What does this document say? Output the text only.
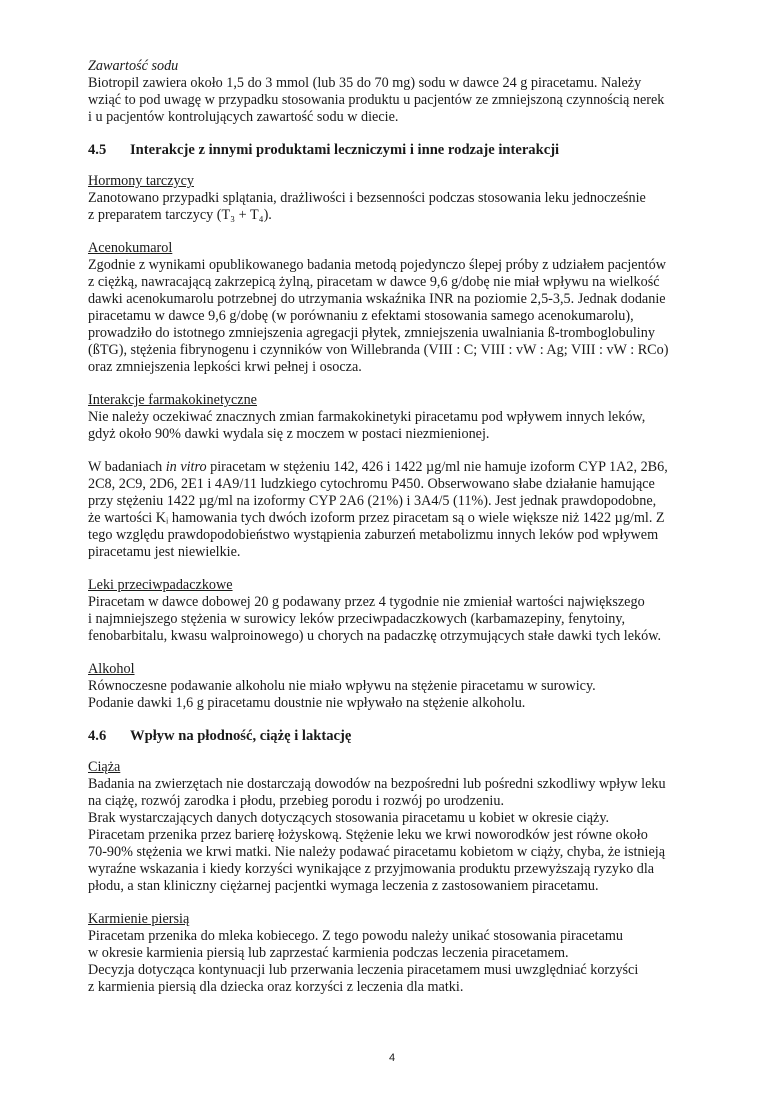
Zawartość sodu

Biotropil zawiera około 1,5 do 3 mmol (lub 35 do 70 mg) sodu w dawce 24 g piracetamu. Należy
wziąć to pod uwagę w przypadku stosowania produktu u pacjentów ze zmniejszoną czynnością nerek
i u pacjentów kontrolujących zawartość sodu w diecie.

4.5	Interakcje z innymi produktami leczniczymi i inne rodzaje interakcji

Hormony tarczycy

Zanotowano przypadki splątania, drażliwości i bezsenności podczas stosowania leku jednocześnie
z preparatem tarczycy (T₃ + T₄).

Acenokumarol

Zgodnie z wynikami opublikowanego badania metodą pojedynczo ślepej próby z udziałem pacjentów
z ciężką, nawracającą zakrzepicą żylną, piracetam w dawce 9,6 g/dobę nie miał wpływu na wielkość
dawki acenokumarolu potrzebnej do utrzymania wskaźnika INR na poziomie 2,5-3,5. Jednak dodanie
piracetamu w dawce 9,6 g/dobę (w porównaniu z efektami stosowania samego acenokumarolu),
prowadziło do istotnego zmniejszenia agregacji płytek, zmniejszenia uwalniania ß-tromboglobuliny
(ßTG), stężenia fibrynogenu i czynników von Willebranda (VIII : C; VIII : vW : Ag; VIII : vW : RCo)
oraz zmniejszenia lepkości krwi pełnej i osocza.

Interakcje farmakokinetyczne

Nie należy oczekiwać znacznych zmian farmakokinetyki piracetamu pod wpływem innych leków,
gdyż około 90% dawki wydala się z moczem w postaci niezmienionej.

W badaniach in vitro piracetam w stężeniu 142, 426 i 1422 µg/ml nie hamuje izoform CYP 1A2, 2B6,
2C8, 2C9, 2D6, 2E1 i 4A9/11 ludzkiego cytochromu P450. Obserwowano słabe działanie hamujące
przy stężeniu 1422 µg/ml na izoformy CYP 2A6 (21%) i 3A4/5 (11%). Jest jednak prawdopodobne,
że wartości Kᵢ hamowania tych dwóch izoform przez piracetam są o wiele większe niż 1422 µg/ml. Z
tego względu prawdopodobieństwo wystąpienia zaburzeń metabolizmu innych leków pod wpływem
piracetamu jest niewielkie.

Leki przeciwpadaczkowe

Piracetam w dawce dobowej 20 g podawany przez 4 tygodnie nie zmieniał wartości największego
i najmniejszego stężenia w surowicy leków przeciwpadaczkowych (karbamazepiny, fenytoiny,
fenobarbitalu, kwasu walproinowego) u chorych na padaczkę otrzymujących stałe dawki tych leków.

Alkohol

Równoczesne podawanie alkoholu nie miało wpływu na stężenie piracetamu w surowicy.
Podanie dawki 1,6 g piracetamu doustnie nie wpływało na stężenie alkoholu.

4.6	Wpływ na płodność, ciążę i laktację

Ciąża

Badania na zwierzętach nie dostarczają dowodów na bezpośredni lub pośredni szkodliwy wpływ leku
na ciążę, rozwój zarodka i płodu, przebieg porodu i rozwój po urodzeniu.
Brak wystarczających danych dotyczących stosowania piracetamu u kobiet w okresie ciąży.
Piracetam przenika przez barierę łożyskową. Stężenie leku we krwi noworodków jest równe około
70-90% stężenia we krwi matki. Nie należy podawać piracetamu kobietom w ciąży, chyba, że istnieją
wyraźne wskazania i kiedy korzyści wynikające z przyjmowania produktu przewyższają ryzyko dla
płodu, a stan kliniczny ciężarnej pacjentki wymaga leczenia z zastosowaniem piracetamu.

Karmienie piersią

Piracetam przenika do mleka kobiecego. Z tego powodu należy unikać stosowania piracetamu
w okresie karmienia piersią lub zaprzestać karmienia podczas leczenia piracetamem.
Decyzja dotycząca kontynuacji lub przerwania leczenia piracetamem musi uwzględniać korzyści
z karmienia piersią dla dziecka oraz korzyści z leczenia dla matki.

4
